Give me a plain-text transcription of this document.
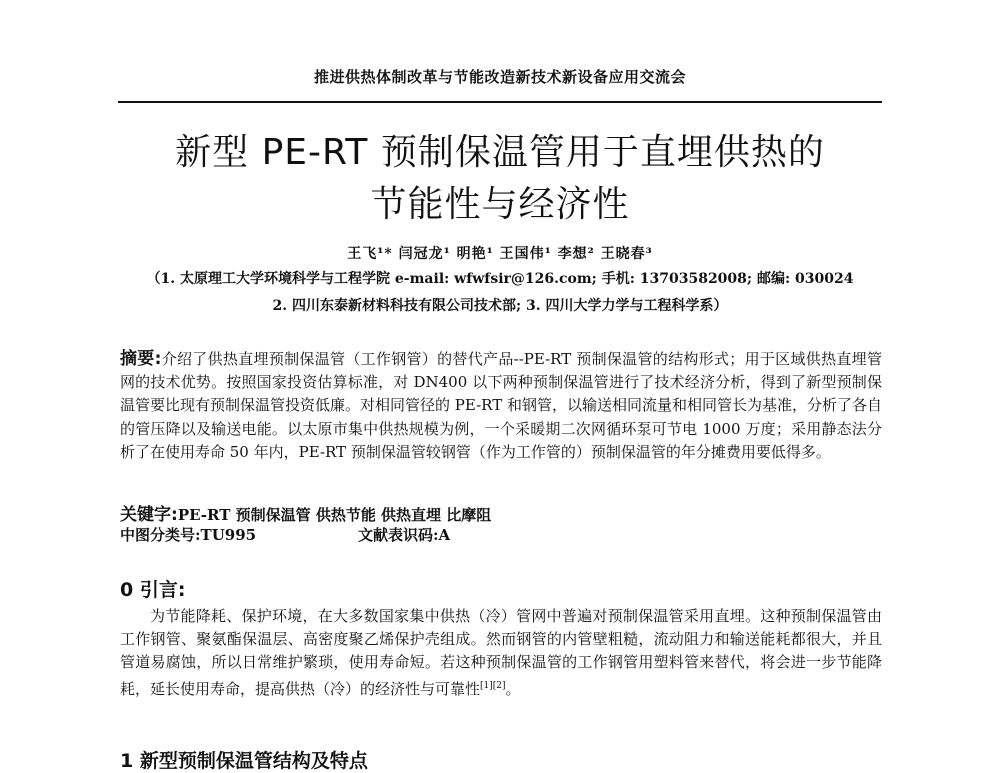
推进供热体制改革与节能改造新技术新设备应用交流会
新型 PE-RT 预制保温管用于直埋供热的
节能性与经济性
王飞¹* 闫冠龙¹ 明艳¹ 王国伟¹ 李想² 王晓春³
（1. 太原理工大学环境科学与工程学院 e-mail: wfwfsir@126.com; 手机: 13703582008; 邮编: 030024
2. 四川东泰新材料科技有限公司技术部; 3. 四川大学力学与工程科学系）
摘要:介绍了供热直埋预制保温管（工作钢管）的替代产品--PE-RT 预制保温管的结构形式；用于区域供热直埋管网的技术优势。按照国家投资估算标准，对 DN400 以下两种预制保温管进行了技术经济分析，得到了新型预制保温管要比现有预制保温管投资低廉。对相同管径的 PE-RT 和钢管，以输送相同流量和相同管长为基准，分析了各自的管压降以及输送电能。以太原市集中供热规模为例，一个采暖期二次网循环泵可节电 1000 万度；采用静态法分析了在使用寿命 50 年内，PE-RT 预制保温管较钢管（作为工作管的）预制保温管的年分摊费用要低得多。
关键字:PE-RT 预制保温管 供热节能 供热直埋 比摩阻
中图分类号:TU995	文献表识码:A
0 引言:
为节能降耗、保护环境，在大多数国家集中供热（冷）管网中普遍对预制保温管采用直埋。这种预制保温管由工作钢管、聚氨酯保温层、高密度聚乙烯保护壳组成。然而钢管的内管壁粗糙，流动阻力和输送能耗都很大，并且管道易腐蚀，所以日常维护繁琐，使用寿命短。若这种预制保温管的工作钢管用塑料管来替代，将会进一步节能降耗，延长使用寿命，提高供热（冷）的经济性与可靠性[1][2]。
1 新型预制保温管结构及特点
